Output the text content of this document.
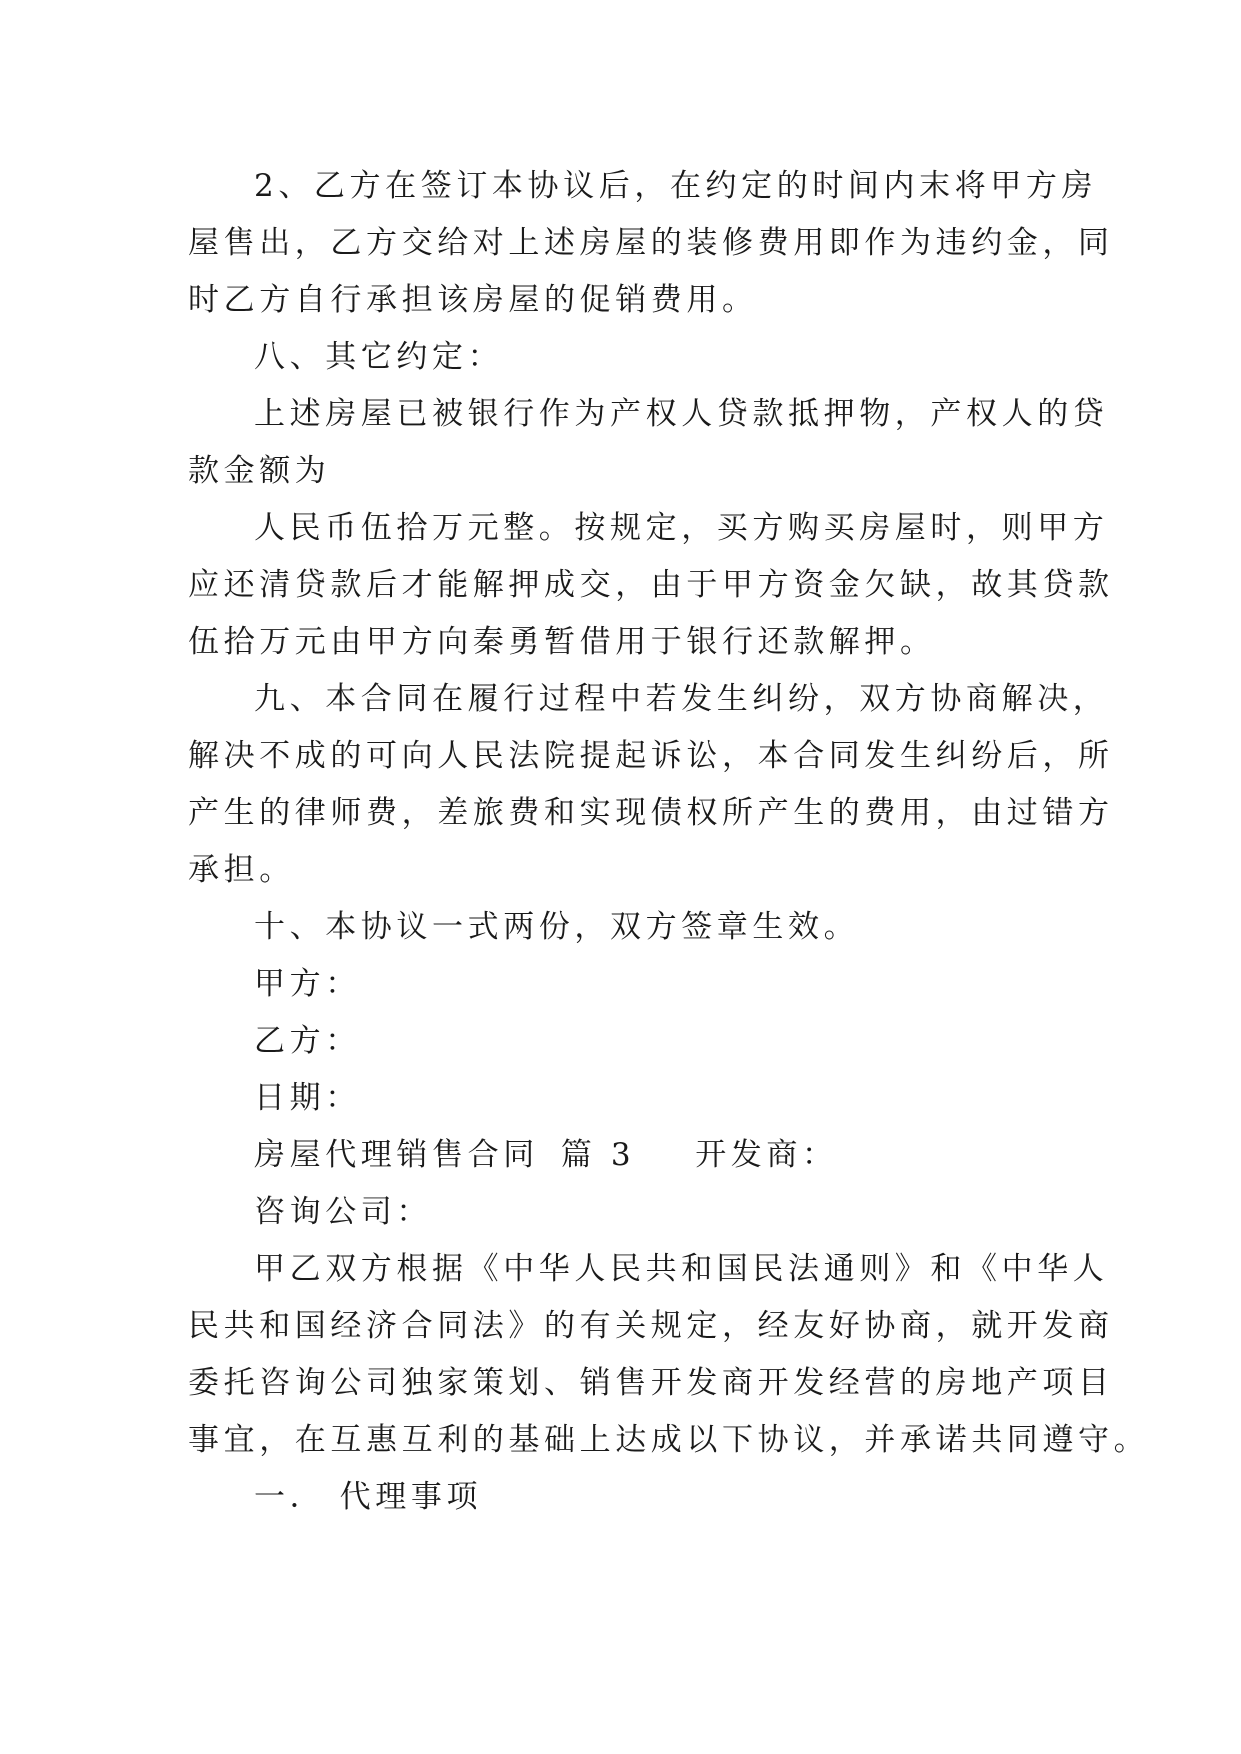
2、乙方在签订本协议后，在约定的时间内末将甲方房
屋售出，乙方交给对上述房屋的装修费用即作为违约金，同
时乙方自行承担该房屋的促销费用。
八、其它约定：
上述房屋已被银行作为产权人贷款抵押物，产权人的贷
款金额为
人民币伍拾万元整。按规定，买方购买房屋时，则甲方
应还清贷款后才能解押成交，由于甲方资金欠缺，故其贷款
伍拾万元由甲方向秦勇暂借用于银行还款解押。
九、本合同在履行过程中若发生纠纷，双方协商解决，
解决不成的可向人民法院提起诉讼，本合同发生纠纷后，所
产生的律师费，差旅费和实现债权所产生的费用，由过错方
承担。
十、本协议一式两份，双方签章生效。
甲方：
乙方：
日期：
房屋代理销售合同 篇 3 开发商：
咨询公司：
甲乙双方根据《中华人民共和国民法通则》和《中华人
民共和国经济合同法》的有关规定，经友好协商，就开发商
委托咨询公司独家策划、销售开发商开发经营的房地产项目
事宜，在互惠互利的基础上达成以下协议，并承诺共同遵守。
一． 代理事项
